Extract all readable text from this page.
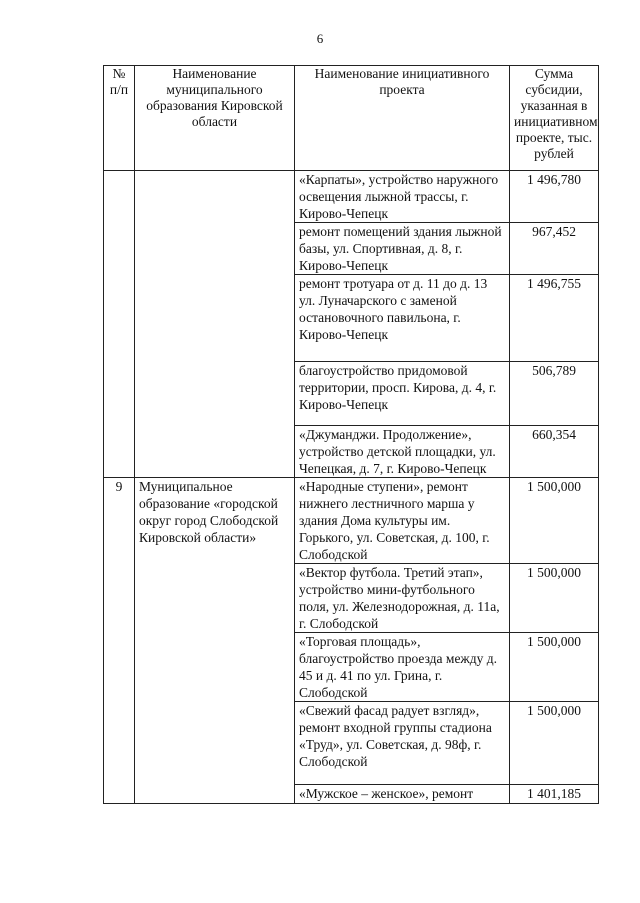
6
№ п/п	Наименование муниципального образования Кировской области	Наименование инициативного проекта	Сумма субсидии, указанная в инициативном проекте, тыс. рублей
		«Карпаты», устройство наружного освещения лыжной трассы, г. Кирово-Чепецк	1 496,780
		ремонт помещений здания лыжной базы, ул. Спортивная, д. 8, г. Кирово-Чепецк	967,452
		ремонт тротуара от д. 11 до д. 13 ул. Луначарского с заменой остановочного павильона, г. Кирово-Чепецк	1 496,755
		благоустройство придомовой территории, просп. Кирова, д. 4, г. Кирово-Чепецк	506,789
		«Джуманджи. Продолжение», устройство детской площадки, ул. Чепецкая, д. 7, г. Кирово-Чепецк	660,354
9	Муниципальное образование «городской округ город Слободской Кировской области»	«Народные ступени», ремонт нижнего лестничного марша у здания Дома культуры им. Горького, ул. Советская, д. 100, г. Слободской	1 500,000
		«Вектор футбола. Третий этап», устройство мини-футбольного поля, ул. Железнодорожная, д. 11а, г. Слободской	1 500,000
		«Торговая площадь», благоустройство проезда между д. 45 и д. 41 по ул. Грина, г. Слободской	1 500,000
		«Свежий фасад радует взгляд», ремонт входной группы стадиона «Труд», ул. Советская, д. 98ф, г. Слободской	1 500,000
		«Мужское – женское», ремонт	1 401,185
